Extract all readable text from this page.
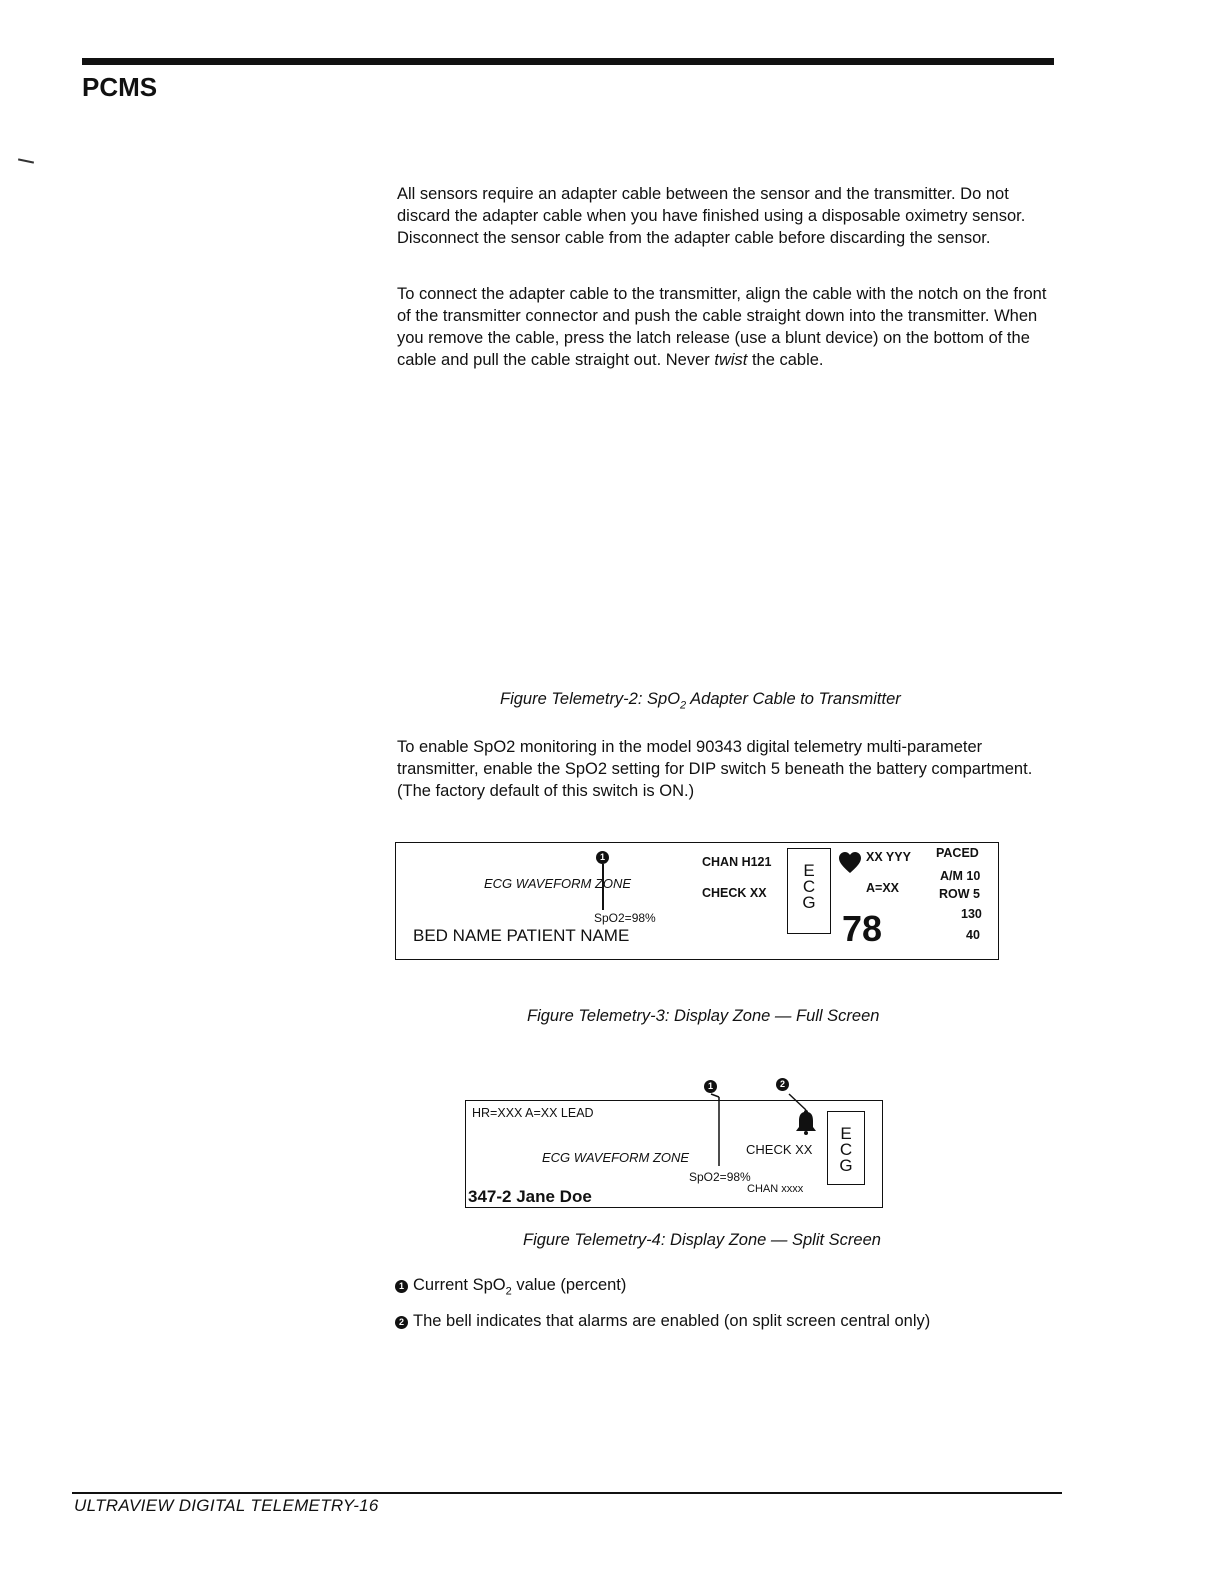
PCMS

All sensors require an adapter cable between the sensor and the transmitter. Do not discard the adapter cable when you have finished using a disposable oximetry sensor. Disconnect the sensor cable from the adapter cable before discarding the sensor.

To connect the adapter cable to the transmitter, align the cable with the notch on the front of the transmitter connector and push the cable straight down into the transmitter. When you remove the cable, press the latch release (use a blunt device) on the bottom of the cable and pull the cable straight out. Never twist the cable.

Figure Telemetry-2: SpO$_2$ Adapter Cable to Transmitter

To enable SpO2 monitoring in the model 90343 digital telemetry multi-parameter transmitter, enable the SpO2 setting for DIP switch 5 beneath the battery compartment. (The factory default of this switch is ON.)

1
ECG WAVEFORM ZONE
SpO2=98%
BED NAME PATIENT NAME
CHAN H121
CHECK XX
E
C
G
XX YYY
A=XX
78
PACED
A/M 10
ROW 5
130
40
Figure Telemetry-3: Display Zone — Full Screen
1	2
HR=XXX A=XX LEAD
CHECK XX
ECG WAVEFORM ZONE
SpO2=98%
CHAN xxxx
347-2 Jane Doe
E
C
G
Figure Telemetry-4: Display Zone — Split Screen
1 Current SpO$_2$ value (percent)
2 The bell indicates that alarms are enabled (on split screen central only)
ULTRAVIEW DIGITAL TELEMETRY-16
